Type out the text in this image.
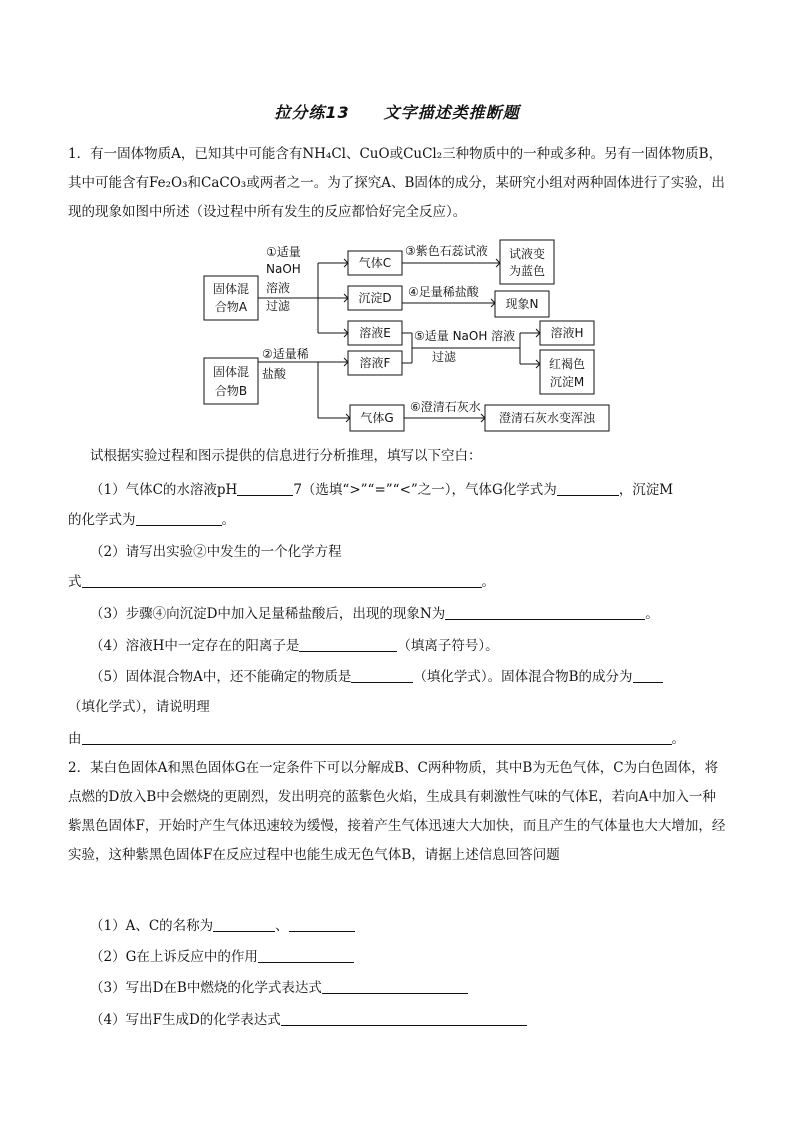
拉分练13　　文字描述类推断题

1．有一固体物质A，已知其中可能含有NH₄Cl、CuO或CuCl₂三种物质中的一种或多种。另有一固体物质B，其中可能含有Fe₂O₃和CaCO₃或两者之一。为了探究A、B固体的成分，某研究小组对两种固体进行了实验，出现的现象如图中所述（设过程中所有发生的反应都恰好完全反应）。

固体混
合物A
①适量
NaOH
溶液
过滤
气体C
③紫色石蕊试液 试液变
为蓝色
沉淀D ④足量稀盐酸
现象N
溶液E
固体混
合物B
②适量稀
盐酸
溶液F
⑤适量 NaOH 溶液
过滤
溶液H
红褐色
沉淀M
气体G
⑥澄清石灰水
澄清石灰水变浑浊
试根据实验过程和图示提供的信息进行分析推理，填写以下空白：
（1）气体C的水溶液pH	7（选填“>”“=”“<”之一），气体G化学式为	，沉淀M
的化学式为	。
（2）请写出实验②中发生的一个化学方程
式	。
（3）步骤④向沉淀D中加入足量稀盐酸后，出现的现象N为	。
（4）溶液H中一定存在的阳离子是	（填离子符号）。
（5）固体混合物A中，还不能确定的物质是	（填化学式）。固体混合物B的成分为
（填化学式），请说明理
由	。

2．某白色固体A和黑色固体G在一定条件下可以分解成B、C两种物质，其中B为无色气体，C为白色固体，将点燃的D放入B中会燃烧的更剧烈，发出明亮的蓝紫色火焰，生成具有刺激性气味的气体E，若向A中加入一种紫黑色固体F，开始时产生气体迅速较为缓慢，接着产生气体迅速大大加快，而且产生的气体量也大大增加，经实验，这种紫黑色固体F在反应过程中也能生成无色气体B，请据上述信息回答问题

（1）A、C的名称为	、
（2）G在上诉反应中的作用
（3）写出D在B中燃烧的化学式表达式
（4）写出F生成D的化学表达式
